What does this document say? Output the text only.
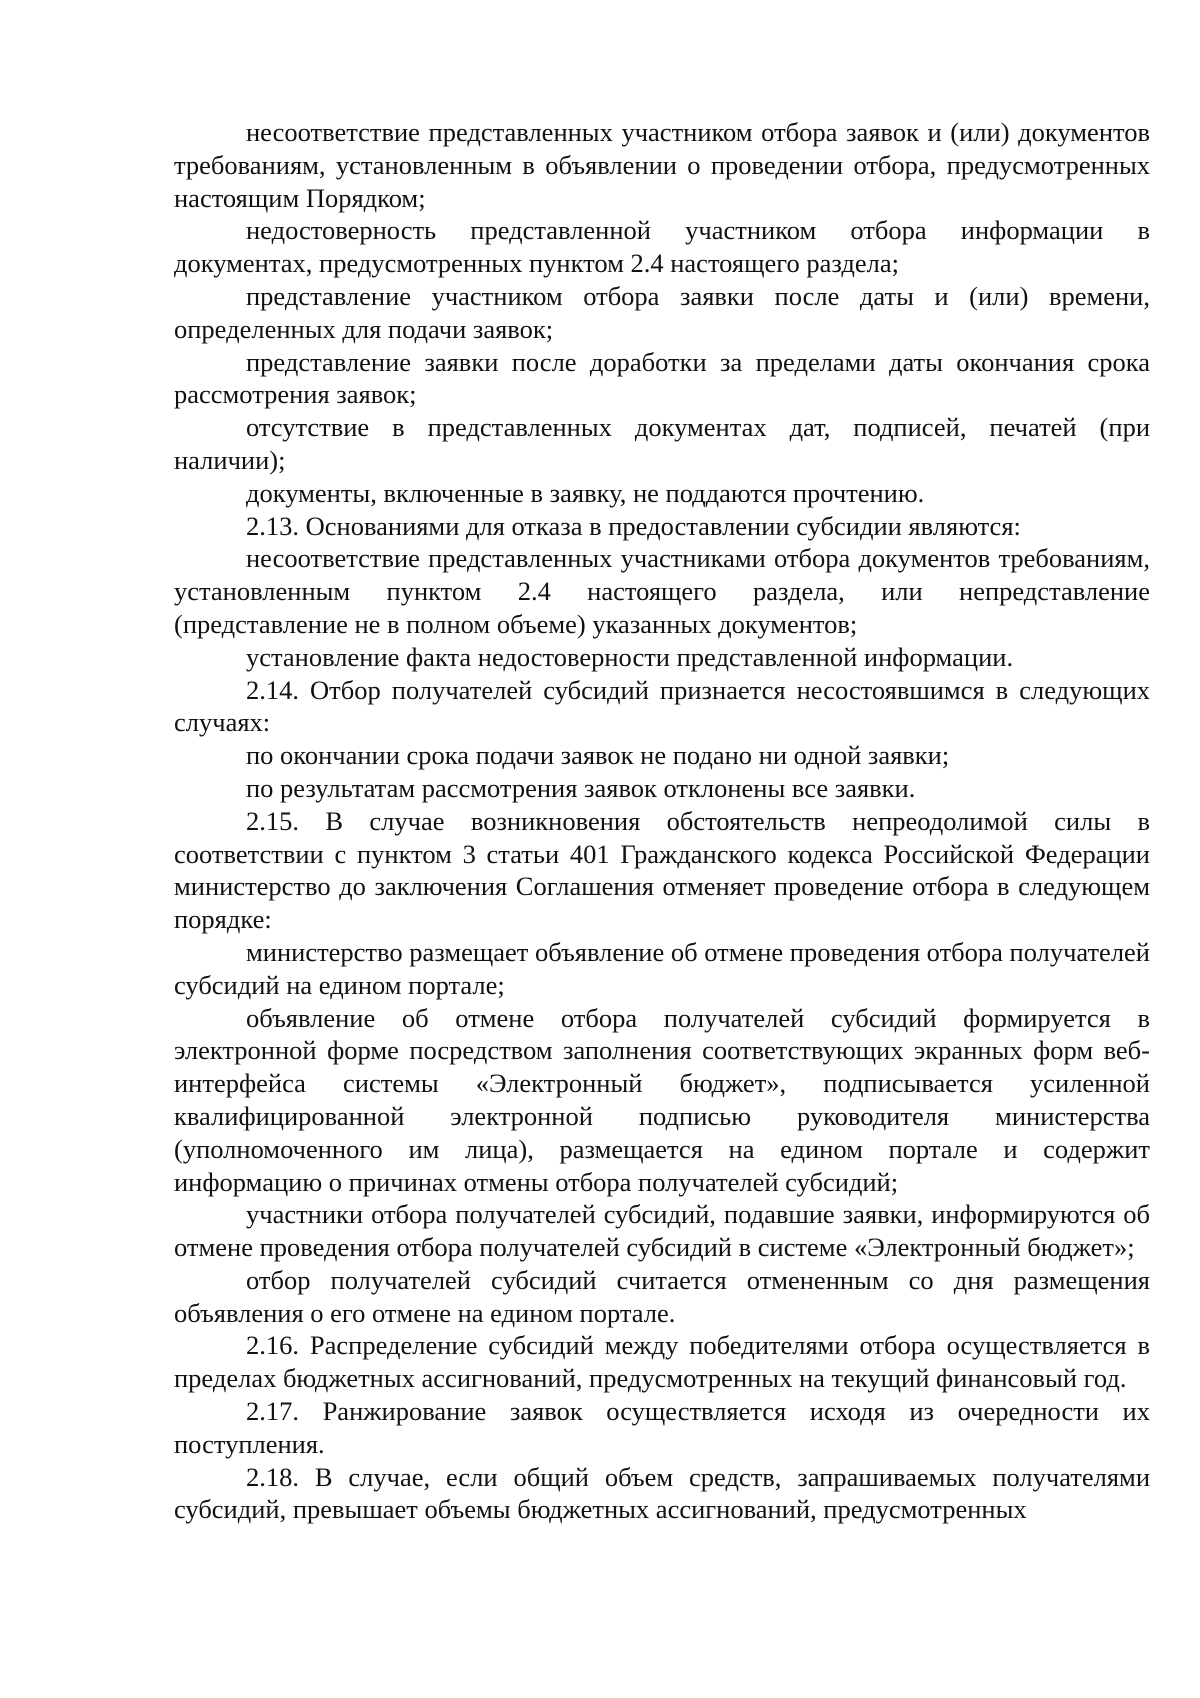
несоответствие представленных участником отбора заявок и (или) документов требованиям, установленным в объявлении о проведении отбора, предусмотренных настоящим Порядком;

недостоверность представленной участником отбора информации в документах, предусмотренных пунктом 2.4 настоящего раздела;

представление участником отбора заявки после даты и (или) времени, определенных для подачи заявок;

представление заявки после доработки за пределами даты окончания срока рассмотрения заявок;

отсутствие в представленных документах дат, подписей, печатей (при наличии);

документы, включенные в заявку, не поддаются прочтению.

2.13. Основаниями для отказа в предоставлении субсидии являются:

несоответствие представленных участниками отбора документов требованиям, установленным пунктом 2.4 настоящего раздела, или непредставление (представление не в полном объеме) указанных документов;

установление факта недостоверности представленной информации.

2.14. Отбор получателей субсидий признается несостоявшимся в следующих случаях:

по окончании срока подачи заявок не подано ни одной заявки;

по результатам рассмотрения заявок отклонены все заявки.

2.15. В случае возникновения обстоятельств непреодолимой силы в соответствии с пунктом 3 статьи 401 Гражданского кодекса Российской Федерации министерство до заключения Соглашения отменяет проведение отбора в следующем порядке:

министерство размещает объявление об отмене проведения отбора получателей субсидий на едином портале;

объявление об отмене отбора получателей субсидий формируется в электронной форме посредством заполнения соответствующих экранных форм веб-интерфейса системы «Электронный бюджет», подписывается усиленной квалифицированной электронной подписью руководителя министерства (уполномоченного им лица), размещается на едином портале и содержит информацию о причинах отмены отбора получателей субсидий;

участники отбора получателей субсидий, подавшие заявки, информируются об отмене проведения отбора получателей субсидий в системе «Электронный бюджет»;

отбор получателей субсидий считается отмененным со дня размещения объявления о его отмене на едином портале.

2.16. Распределение субсидий между победителями отбора осуществляется в пределах бюджетных ассигнований, предусмотренных на текущий финансовый год.

2.17. Ранжирование заявок осуществляется исходя из очередности их поступления.

2.18. В случае, если общий объем средств, запрашиваемых получателями субсидий, превышает объемы бюджетных ассигнований, предусмотренных
